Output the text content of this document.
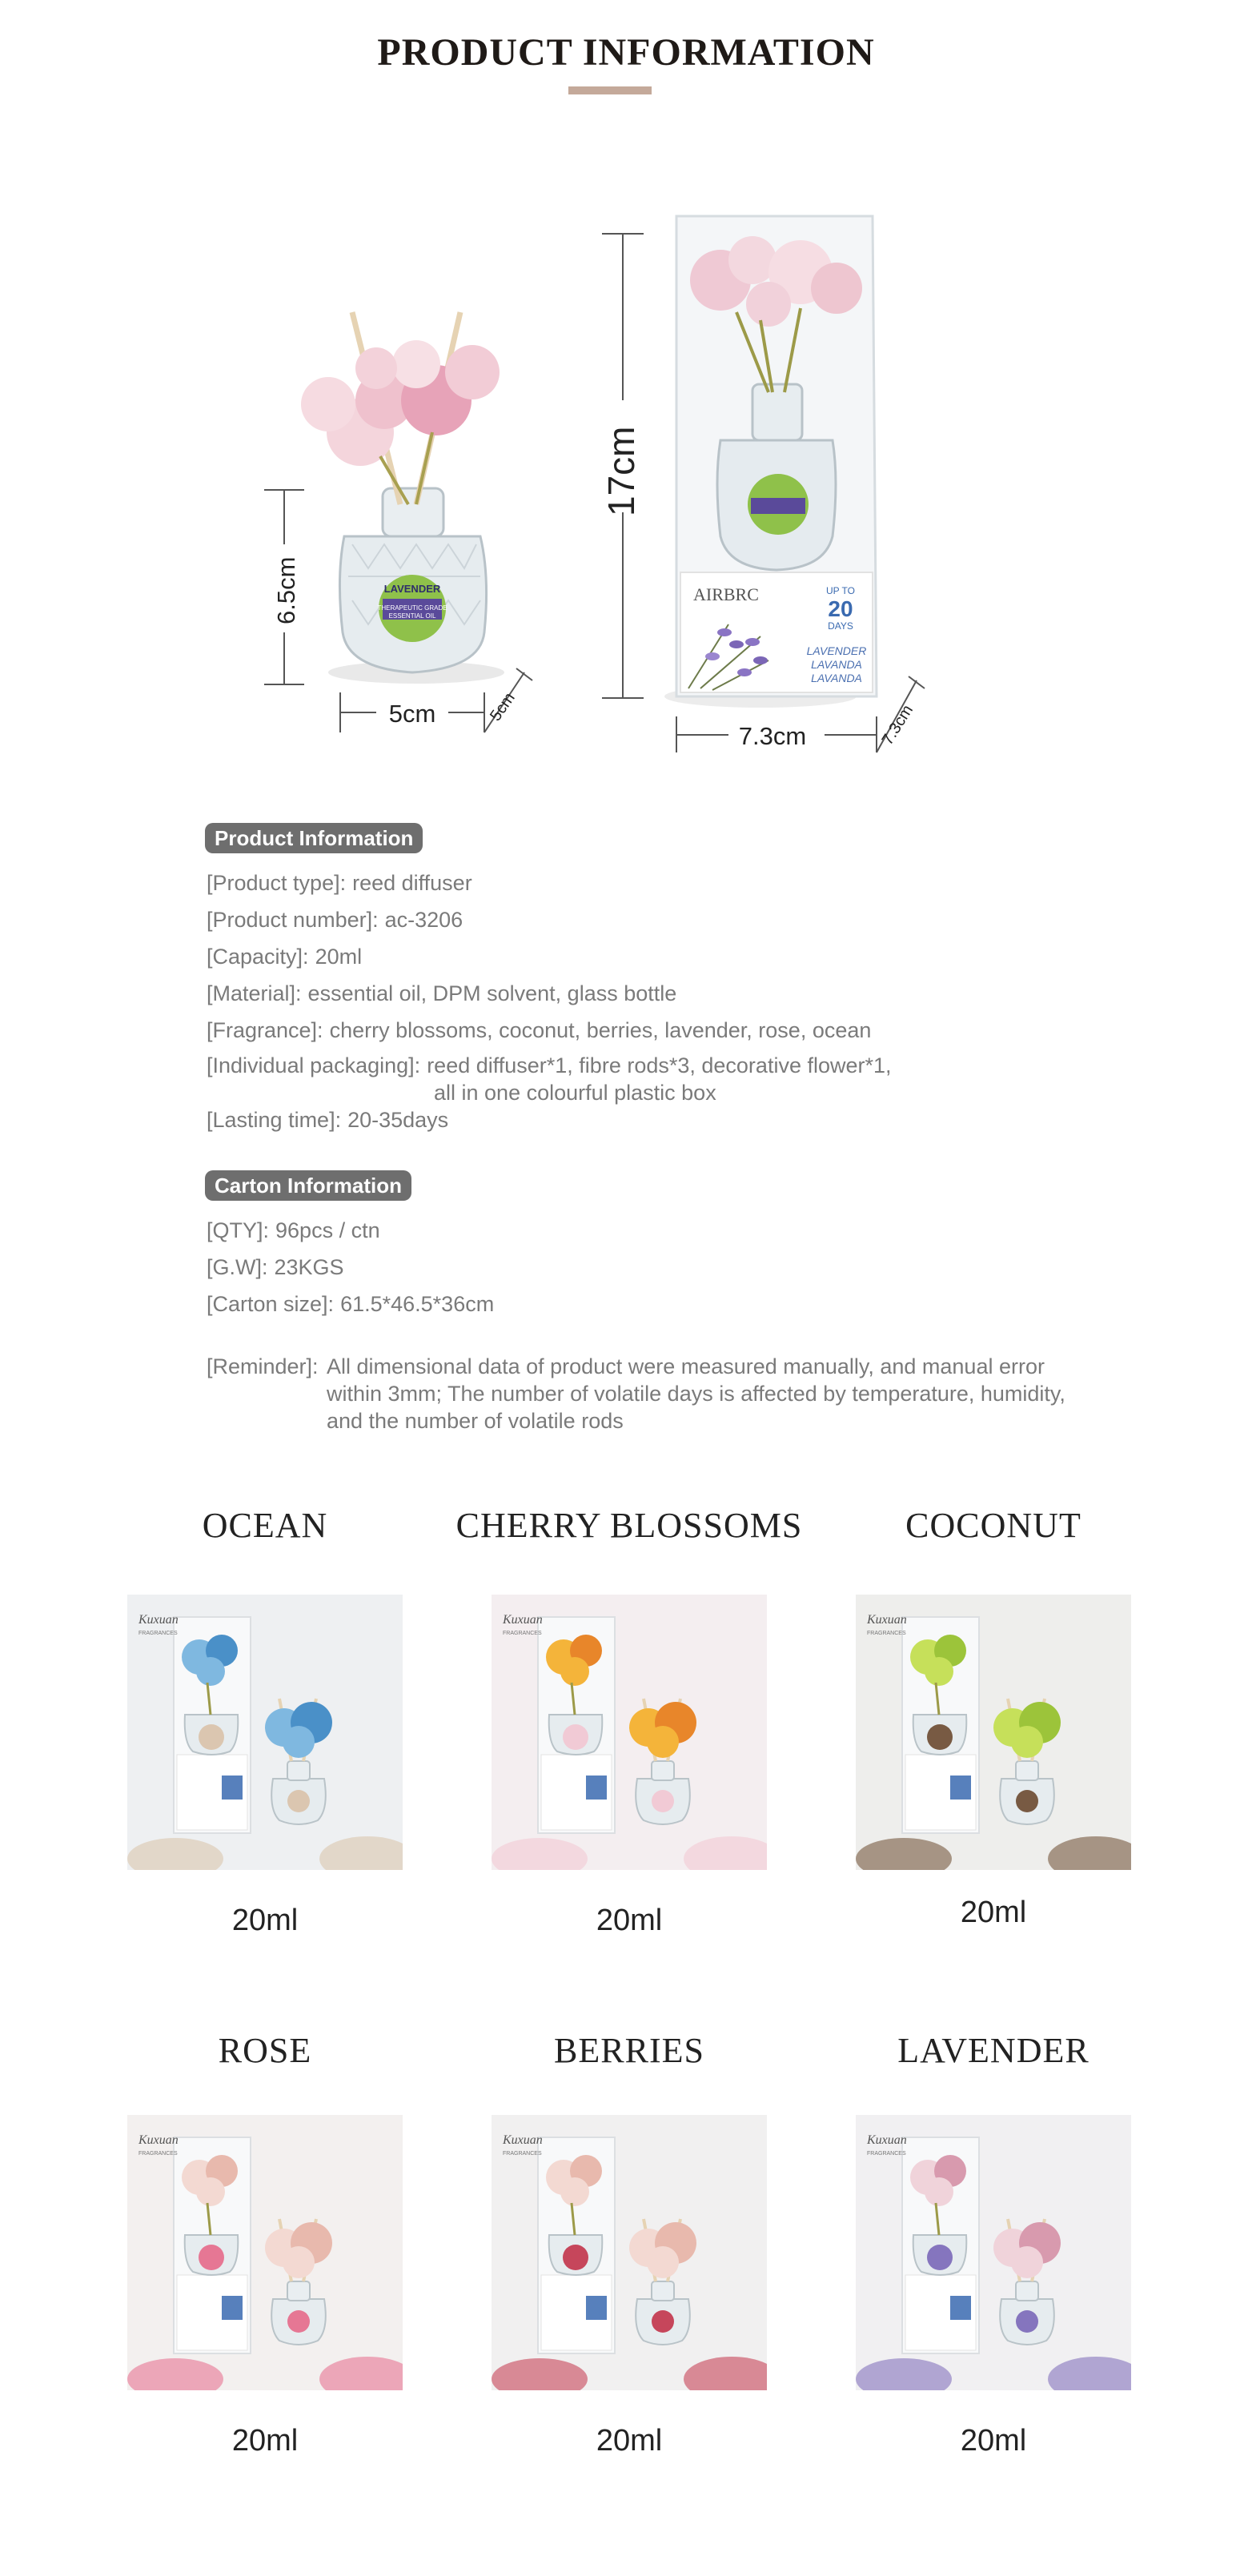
PRODUCT INFORMATION
LAVENDER
THERAPEUTIC GRADE
ESSENTIAL OIL
6.5cm
5cm	5cm
AIRBRC	UP TO
20
DAYS
LAVENDER
LAVANDA
LAVANDA
17cm
7.3cm	7.3cm
Product Information
[Product type]: reed diffuser
[Product number]: ac-3206
[Capacity]: 20ml
[Material]: essential oil, DPM solvent, glass bottle
[Fragrance]: cherry blossoms, coconut, berries, lavender, rose, ocean
[Individual packaging]: reed diffuser*1, fibre rods*3, decorative flower*1,
all in one colourful plastic box
[Lasting time]: 20-35days
Carton Information
[QTY]: 96pcs / ctn
[G.W]: 23KGS
[Carton size]: 61.5*46.5*36cm
[Reminder]: All dimensional data of product were measured manually, and manual error
within 3mm; The number of volatile days is affected by temperature, humidity,
and the number of volatile rods
OCEAN
Kuxuan
FRAGRANCES
20ml
CHERRY BLOSSOMS
Kuxuan
FRAGRANCES
20ml
COCONUT
Kuxuan
FRAGRANCES
20ml
ROSE
Kuxuan
FRAGRANCES
20ml
BERRIES
Kuxuan
FRAGRANCES
20ml
LAVENDER
Kuxuan
FRAGRANCES
20ml
